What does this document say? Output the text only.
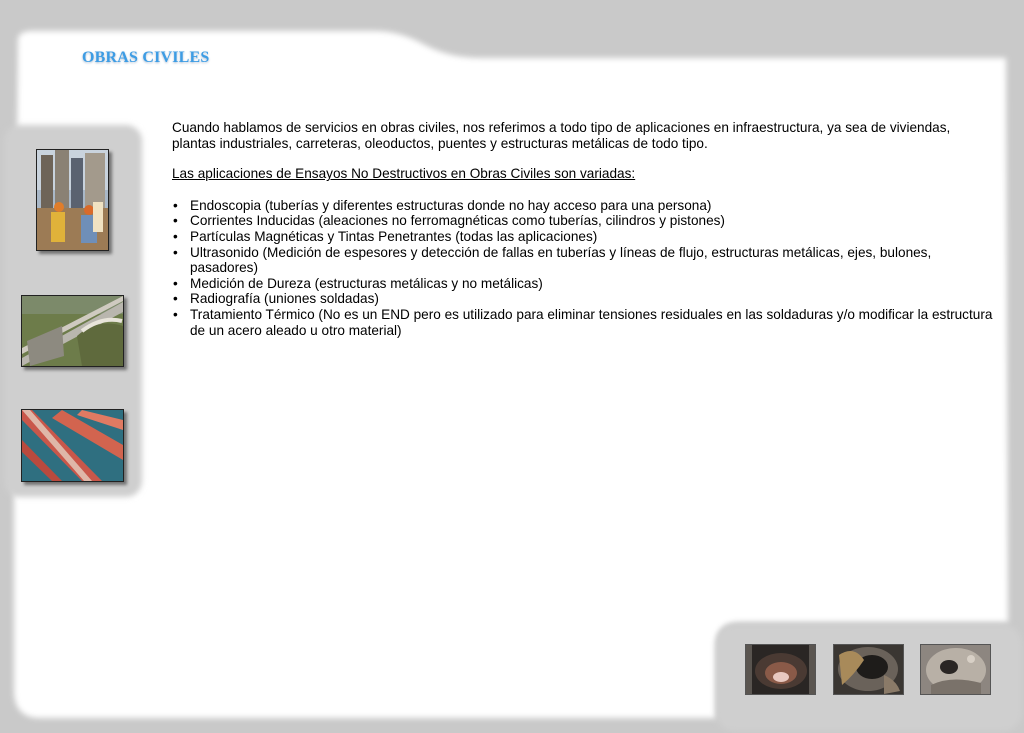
OBRAS CIVILES

Cuando hablamos de servicios en obras civiles, nos referimos a todo tipo de aplicaciones en infraestructura, ya sea de viviendas, plantas industriales, carreteras, oleoductos, puentes y estructuras metálicas de todo tipo.

Las aplicaciones de Ensayos No Destructivos en Obras Civiles son variadas:

• Endoscopia (tuberías y diferentes estructuras donde no hay acceso para una persona)
• Corrientes Inducidas (aleaciones no ferromagnéticas como tuberías, cilindros y pistones)
• Partículas Magnéticas y Tintas Penetrantes (todas las aplicaciones)
• Ultrasonido (Medición de espesores y detección de fallas en tuberías y líneas de flujo, estructuras metálicas, ejes, bulones, pasadores)
• Medición de Dureza (estructuras metálicas y no metálicas)
• Radiografía (uniones soldadas)
• Tratamiento Térmico (No es un END pero es utilizado para eliminar tensiones residuales en las soldaduras y/o modificar la estructura de un acero aleado u otro material)
